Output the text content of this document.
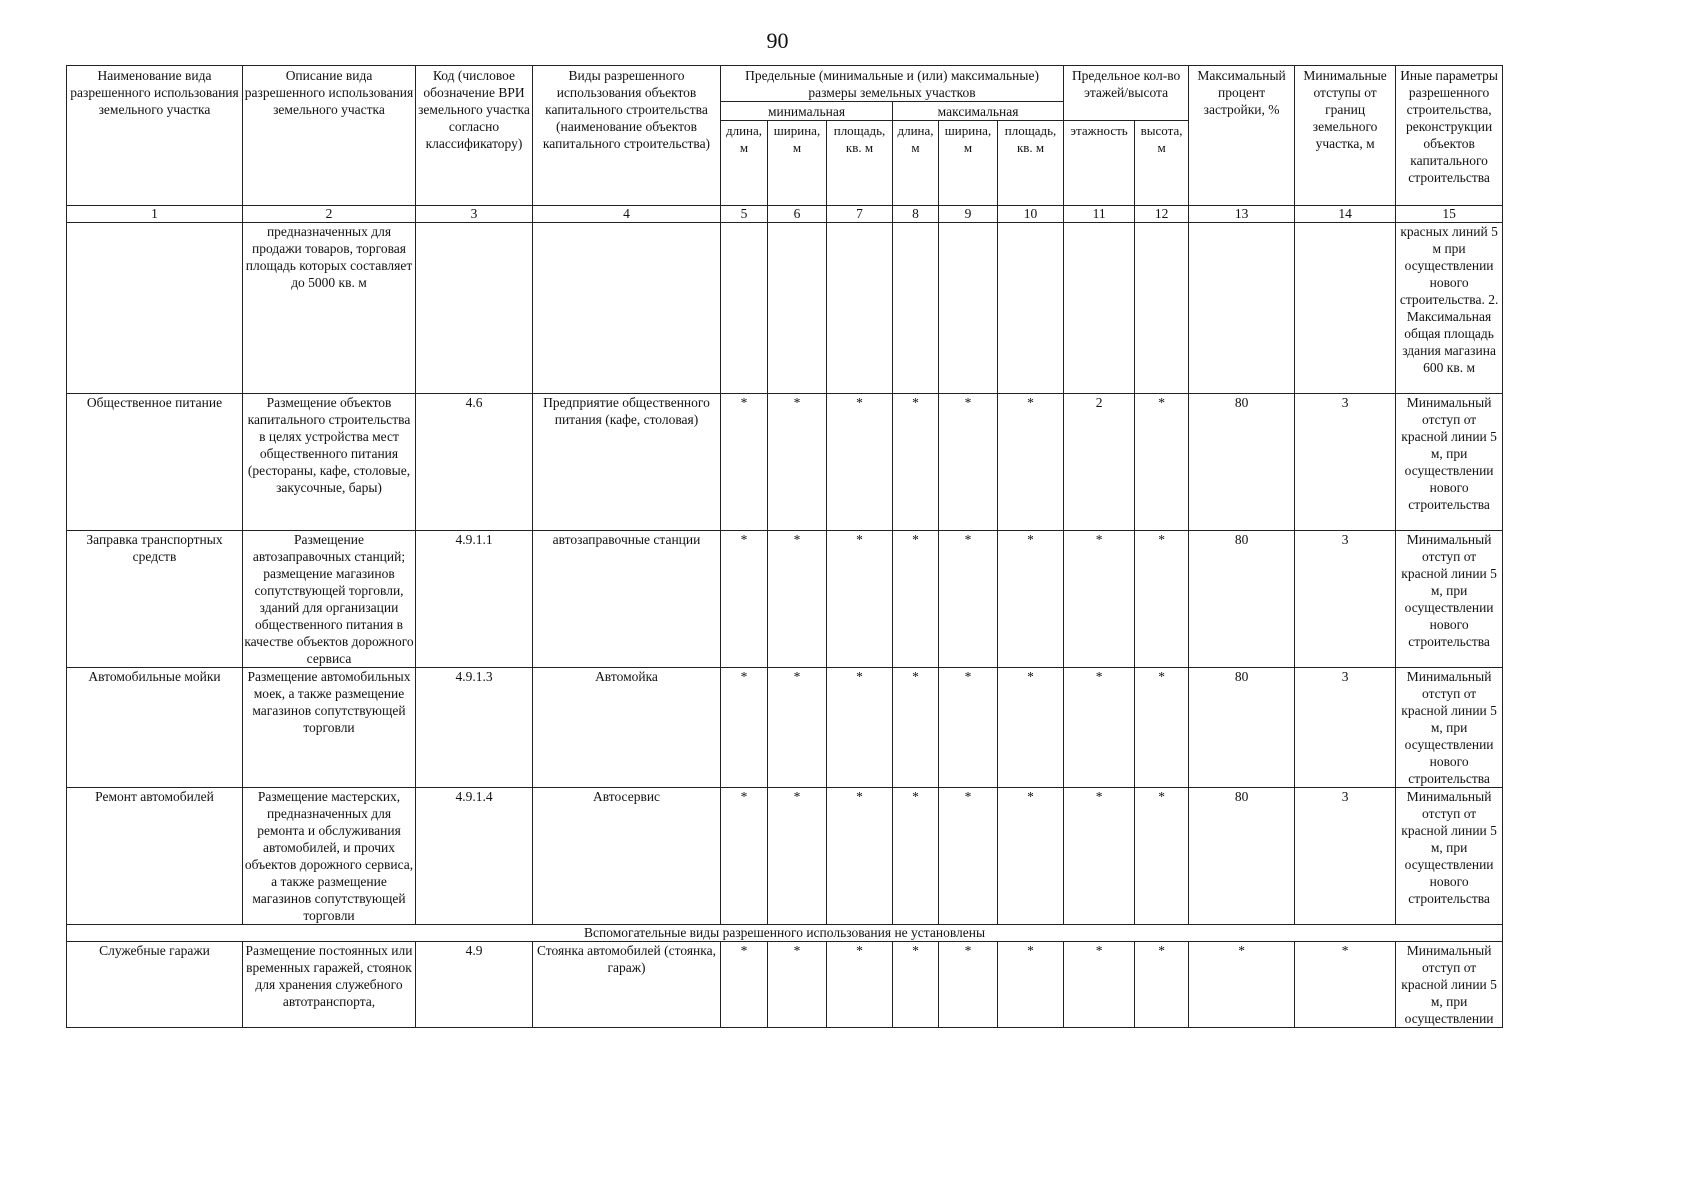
90
Наименование вида разрешенного использования земельного участка	Описание вида разрешенного использования земельного участка	Код (числовое обозначение ВРИ земельного участка согласно классификатору)	Виды разрешенного использования объектов капитального строительства (наименование объектов капитального строительства)	Предельные (минимальные и (или) максимальные) размеры земельных участков						Предельное кол-во этажей/высота		Максимальный процент застройки, %	Минимальные отступы от границ земельного участка, м	Иные параметры разрешенного строительства, реконструкции объектов капитального строительства
				минимальная			максимальная							
				длина, м	ширина, м	площадь, кв. м	длина, м	ширина, м	площадь, кв. м	этажность	высота, м			
1	2	3	4	5	6	7	8	9	10	11	12	13	14	15
	предназначенных для продажи товаров, торговая площадь которых составляет до 5000 кв. м													красных линий 5 м при осуществлении нового строительства. 2. Максимальная общая площадь здания магазина 600 кв. м
Общественное питание	Размещение объектов капитального строительства в целях устройства мест общественного питания (рестораны, кафе, столовые, закусочные, бары)	4.6	Предприятие общественного питания (кафе, столовая)	*	*	*	*	*	*	2	*	80	3	Минимальный отступ от красной линии 5 м, при осуществлении нового строительства
Заправка транспортных средств	Размещение автозаправочных станций; размещение магазинов сопутствующей торговли, зданий для организации общественного питания в качестве объектов дорожного сервиса	4.9.1.1	автозаправочные станции	*	*	*	*	*	*	*	*	80	3	Минимальный отступ от красной линии 5 м, при осуществлении нового строительства
Автомобильные мойки	Размещение автомобильных моек, а также размещение магазинов сопутствующей торговли	4.9.1.3	Автомойка	*	*	*	*	*	*	*	*	80	3	Минимальный отступ от красной линии 5 м, при осуществлении нового строительства
Ремонт автомобилей	Размещение мастерских, предназначенных для ремонта и обслуживания автомобилей, и прочих объектов дорожного сервиса, а также размещение магазинов сопутствующей торговли	4.9.1.4	Автосервис	*	*	*	*	*	*	*	*	80	3	Минимальный отступ от красной линии 5 м, при осуществлении нового строительства
Вспомогательные виды разрешенного использования не установлены														
Служебные гаражи	Размещение постоянных или временных гаражей, стоянок для хранения служебного автотранспорта,	4.9	Стоянка автомобилей (стоянка, гараж)	*	*	*	*	*	*	*	*	*	*	Минимальный отступ от красной линии 5 м, при осуществлении
